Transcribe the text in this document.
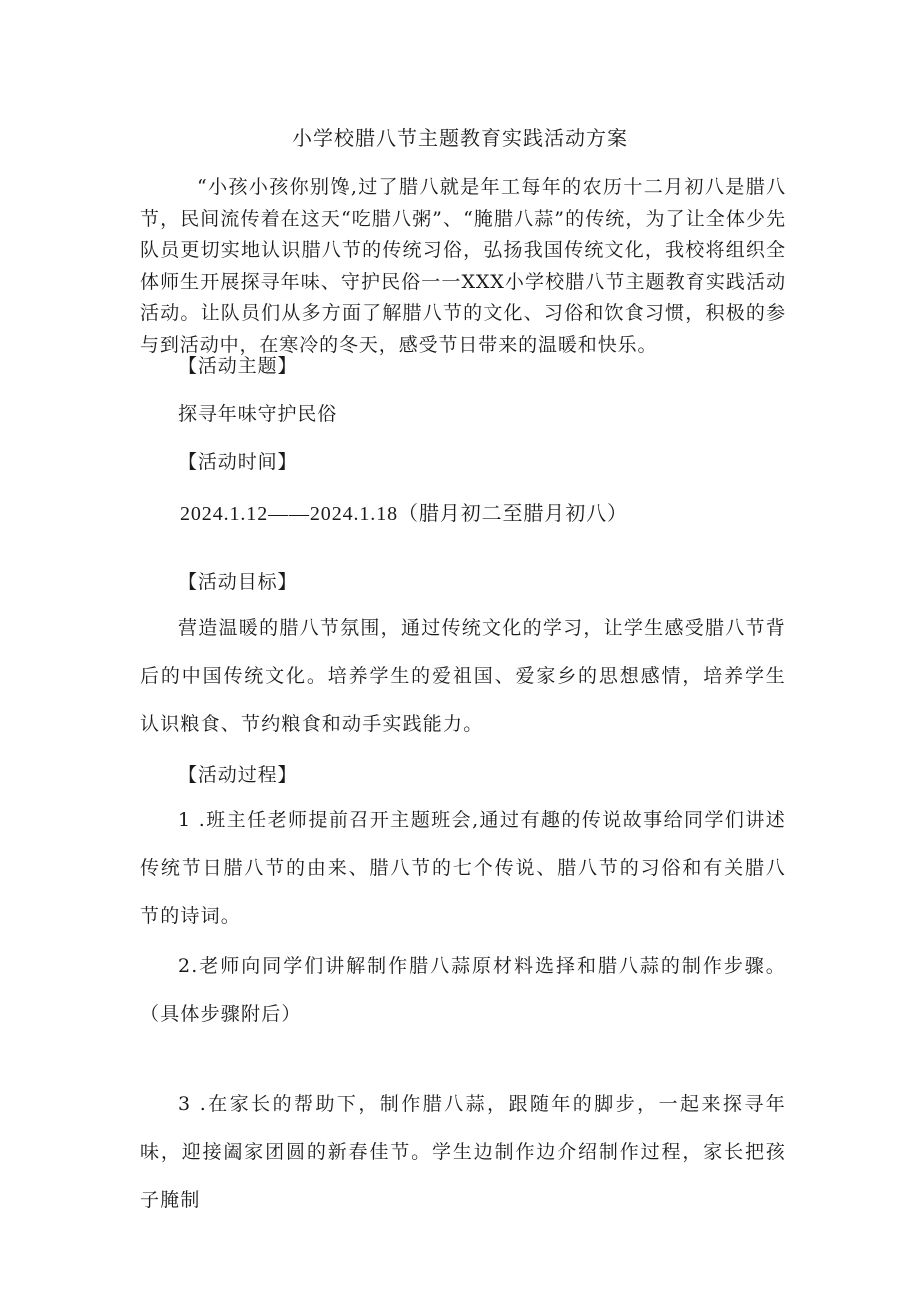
小学校腊八节主题教育实践活动方案

“小孩小孩你别馋,过了腊八就是年工每年的农历十二月初八是腊八节，民间流传着在这天“吃腊八粥”、“腌腊八蒜”的传统，为了让全体少先队员更切实地认识腊八节的传统习俗，弘扬我国传统文化，我校将组织全体师生开展探寻年味、守护民俗一一XXX小学校腊八节主题教育实践活动活动。让队员们从多方面了解腊八节的文化、习俗和饮食习惯，积极的参与到活动中，在寒冷的冬天，感受节日带来的温暖和快乐。

【活动主题】
探寻年味守护民俗
【活动时间】
2024.1.12——2024.1.18（腊月初二至腊月初八）
【活动目标】

营造温暖的腊八节氛围，通过传统文化的学习，让学生感受腊八节背后的中国传统文化。培养学生的爱祖国、爱家乡的思想感情，培养学生认识粮食、节约粮食和动手实践能力。

【活动过程】

1 .班主任老师提前召开主题班会,通过有趣的传说故事给同学们讲述传统节日腊八节的由来、腊八节的七个传说、腊八节的习俗和有关腊八节的诗词。

2.老师向同学们讲解制作腊八蒜原材料选择和腊八蒜的制作步骤。（具体步骤附后）

3 .在家长的帮助下，制作腊八蒜，跟随年的脚步，一起来探寻年味，迎接阖家团圆的新春佳节。学生边制作边介绍制作过程，家长把孩子腌制
